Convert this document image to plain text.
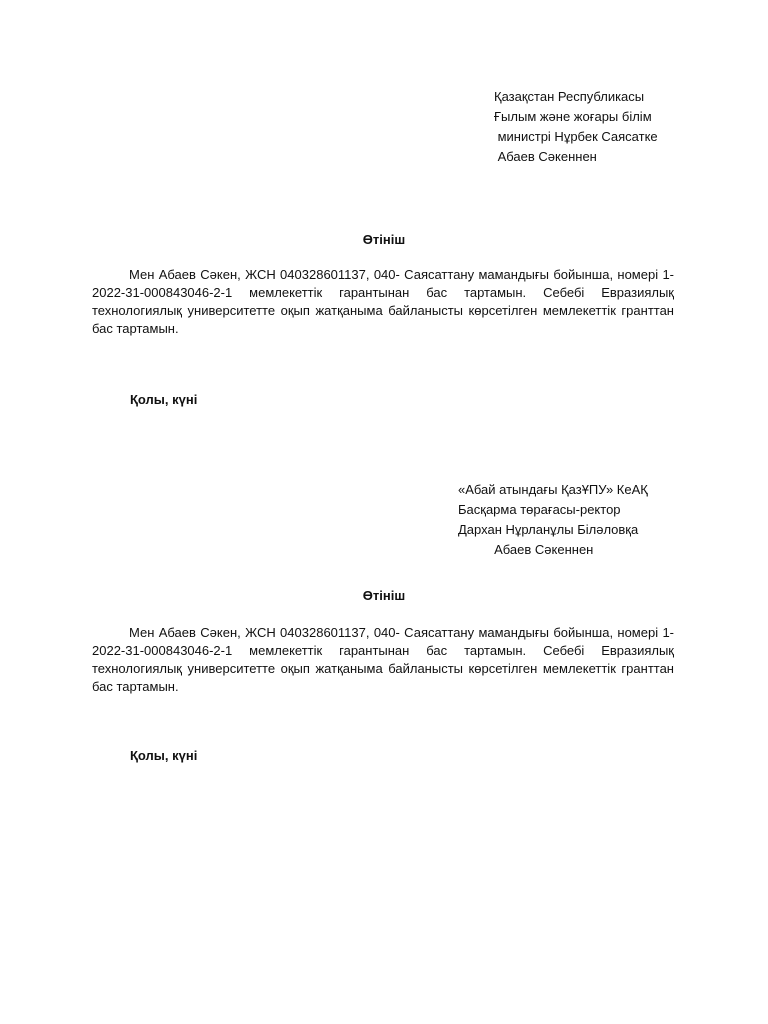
Қазақстан Республикасы
Ғылым және жоғары білім
министрі Нұрбек Саясатке
Абаев Сәкеннен
Өтініш

Мен Абаев Сәкен, ЖСН 040328601137, 040- Саясаттану мамандығы бойынша, номері 1-2022-31-000843046-2-1 мемлекеттік гарантынан бас тартамын. Себебі Евразиялық технологиялық университетте оқып жатқаныма байланысты көрсетілген мемлекеттік гранттан бас тартамын.

Қолы, күні
«Абай атындағы ҚазҰПУ» КеАҚ
Басқарма төрағасы-ректор
Дархан Нұрланұлы Біләловқа
Абаев Сәкеннен
Өтініш

Мен Абаев Сәкен, ЖСН 040328601137, 040- Саясаттану мамандығы бойынша, номері 1-2022-31-000843046-2-1 мемлекеттік гарантынан бас тартамын. Себебі Евразиялық технологиялық университетте оқып жатқаныма байланысты көрсетілген мемлекеттік гранттан бас тартамын.

Қолы, күні
